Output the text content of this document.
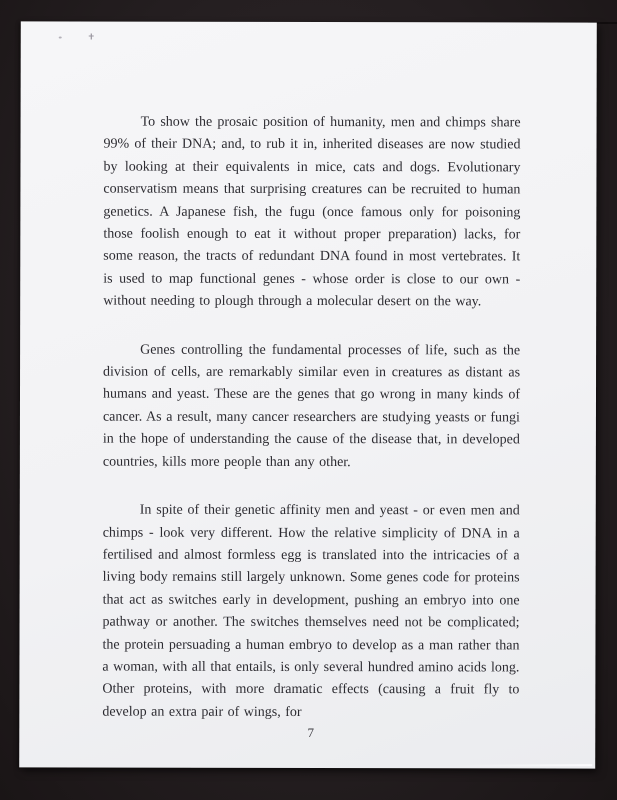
To show the prosaic position of humanity, men and chimps share 99% of their DNA; and, to rub it in, inherited diseases are now studied by looking at their equivalents in mice, cats and dogs. Evolutionary conservatism means that surprising creatures can be recruited to human genetics. A Japanese fish, the fugu (once famous only for poisoning those foolish enough to eat it without proper preparation) lacks, for some reason, the tracts of redundant DNA found in most vertebrates. It is used to map functional genes - whose order is close to our own - without needing to plough through a molecular desert on the way.

Genes controlling the fundamental processes of life, such as the division of cells, are remarkably similar even in creatures as distant as humans and yeast. These are the genes that go wrong in many kinds of cancer. As a result, many cancer researchers are studying yeasts or fungi in the hope of understanding the cause of the disease that, in developed countries, kills more people than any other.

In spite of their genetic affinity men and yeast - or even men and chimps - look very different. How the relative simplicity of DNA in a fertilised and almost formless egg is translated into the intricacies of a living body remains still largely unknown. Some genes code for proteins that act as switches early in development, pushing an embryo into one pathway or another. The switches themselves need not be complicated; the protein persuading a human embryo to develop as a man rather than a woman, with all that entails, is only several hundred amino acids long. Other proteins, with more dramatic effects (causing a fruit fly to develop an extra pair of wings, for

7
